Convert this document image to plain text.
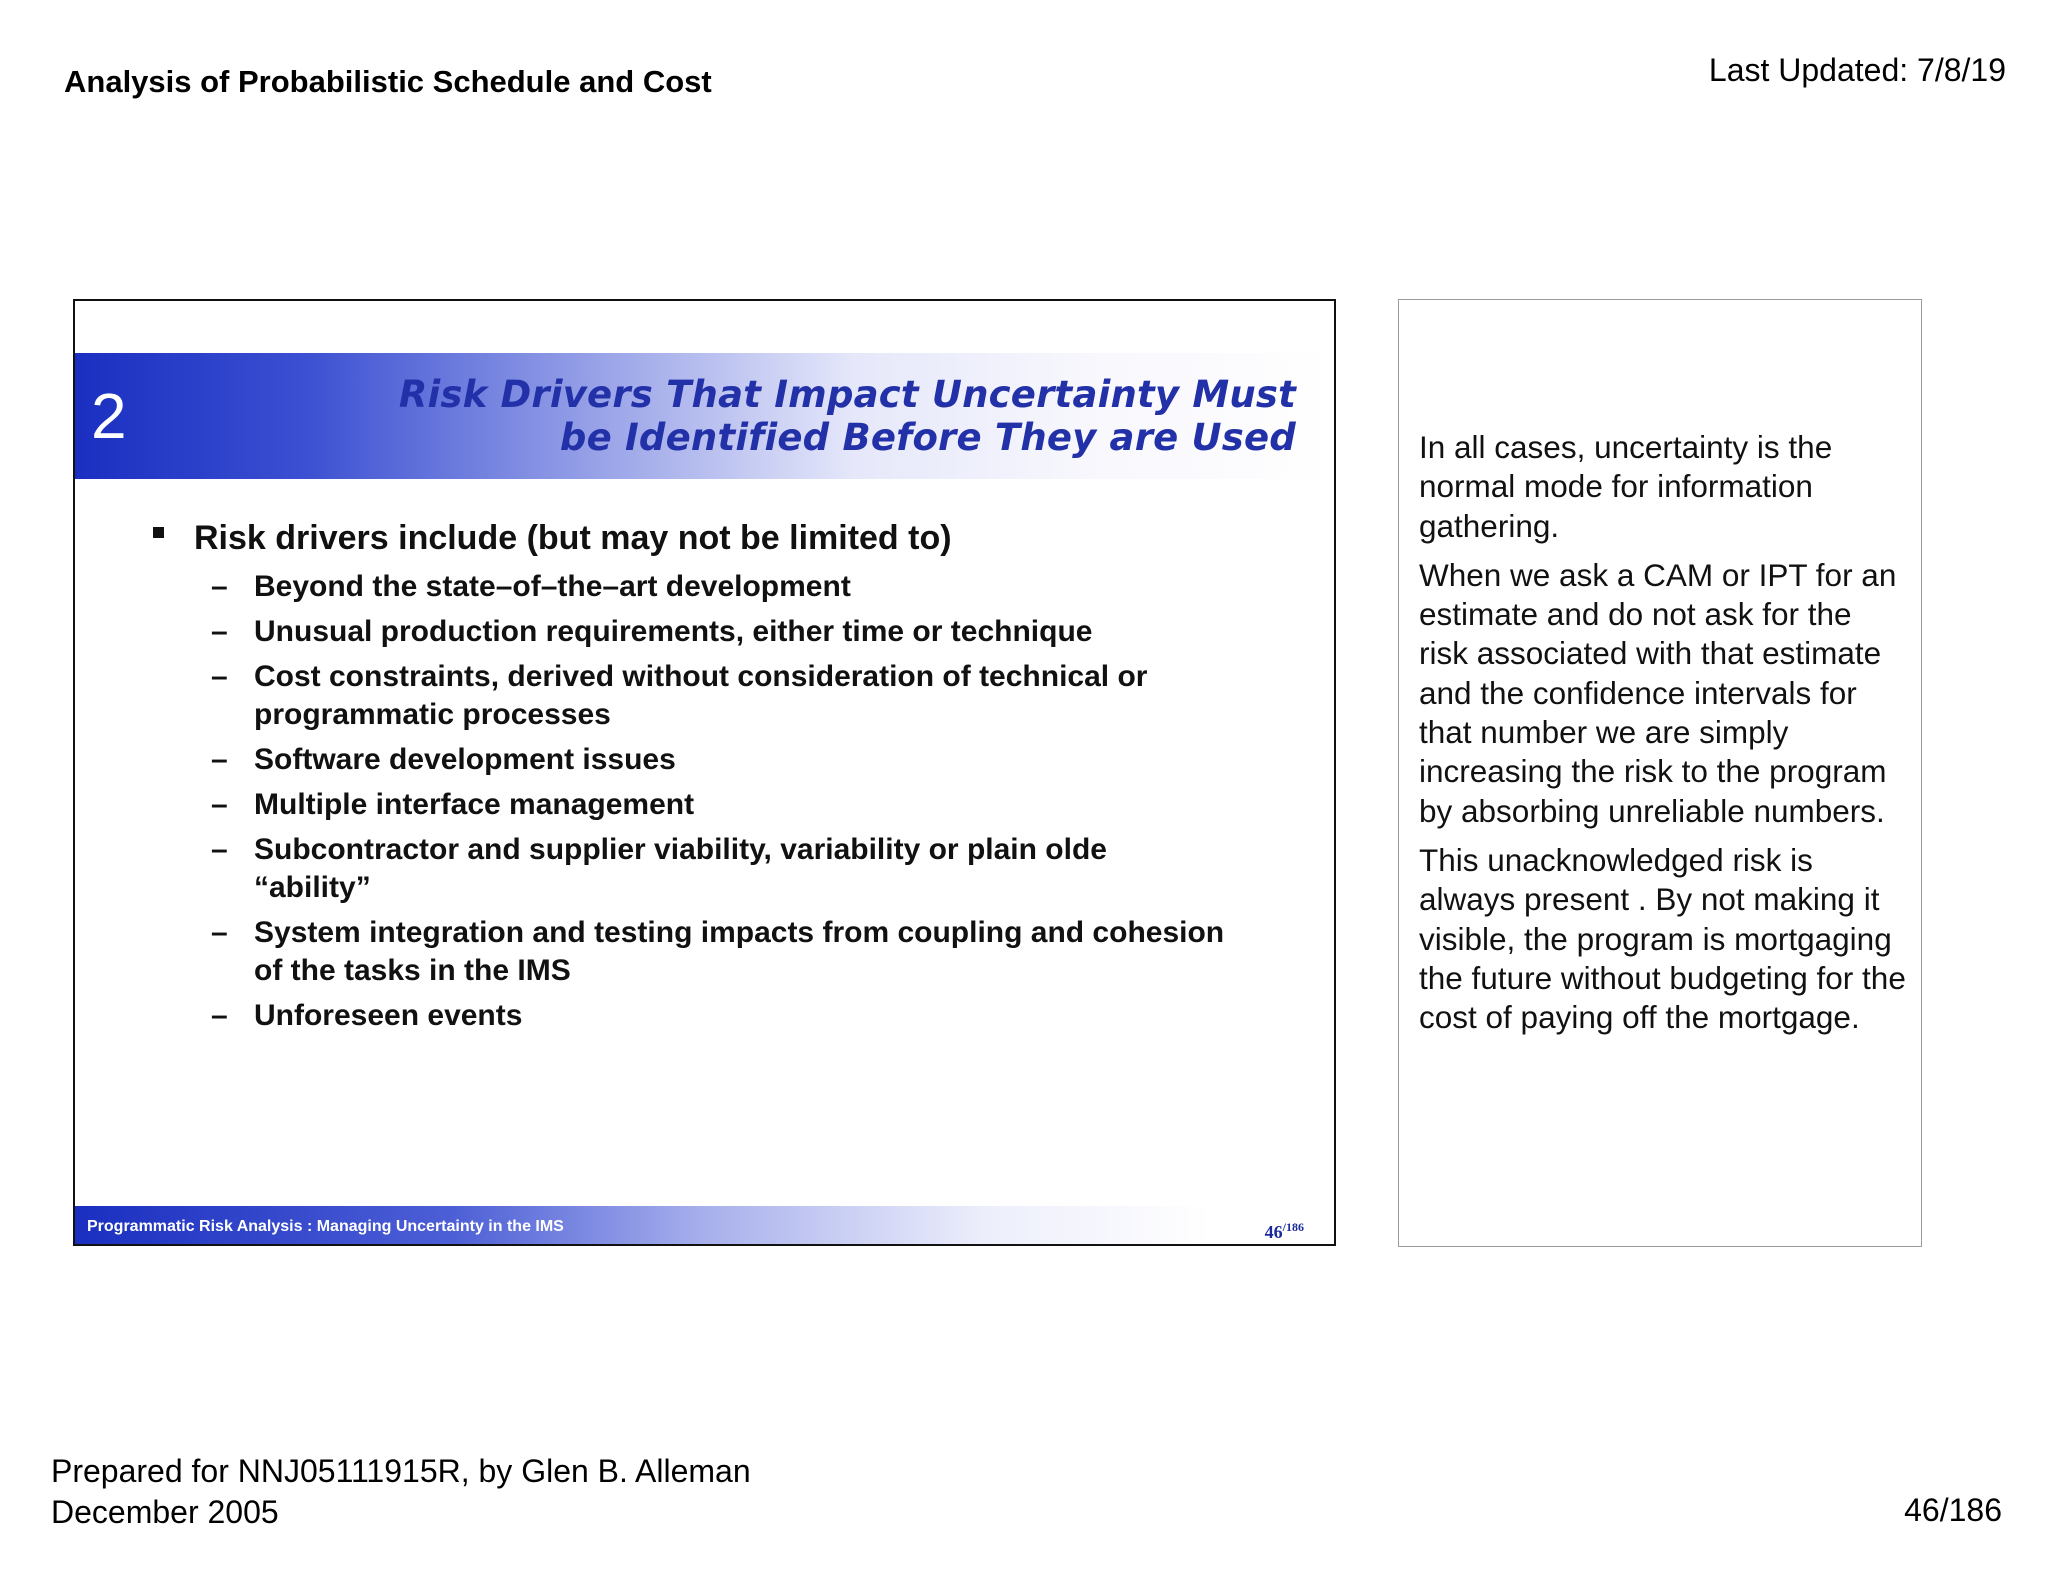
Analysis of Probabilistic Schedule and Cost	Last Updated: 7/8/19
2	Risk Drivers That Impact Uncertainty Must
be Identified Before They are Used
Risk drivers include (but may not be limited to)
– Beyond the state–of–the–art development
– Unusual production requirements, either time or technique
– Cost constraints, derived without consideration of technical or programmatic processes
– Software development issues
– Multiple interface management
– Subcontractor and supplier viability, variability or plain olde “ability”
– System integration and testing impacts from coupling and cohesion of the tasks in the IMS
– Unforeseen events
Programmatic Risk Analysis : Managing Uncertainty in the IMS	$46^{/186}$

In all cases, uncertainty is the normal mode for information gathering.

When we ask a CAM or IPT for an estimate and do not ask for the risk associated with that estimate and the confidence intervals for that number we are simply increasing the risk to the program by absorbing unreliable numbers.

This unacknowledged risk is always present . By not making it visible, the program is mortgaging the future without budgeting for the cost of paying off the mortgage.

Prepared for NNJ05111915R, by Glen B. Alleman
December 2005	46/186
